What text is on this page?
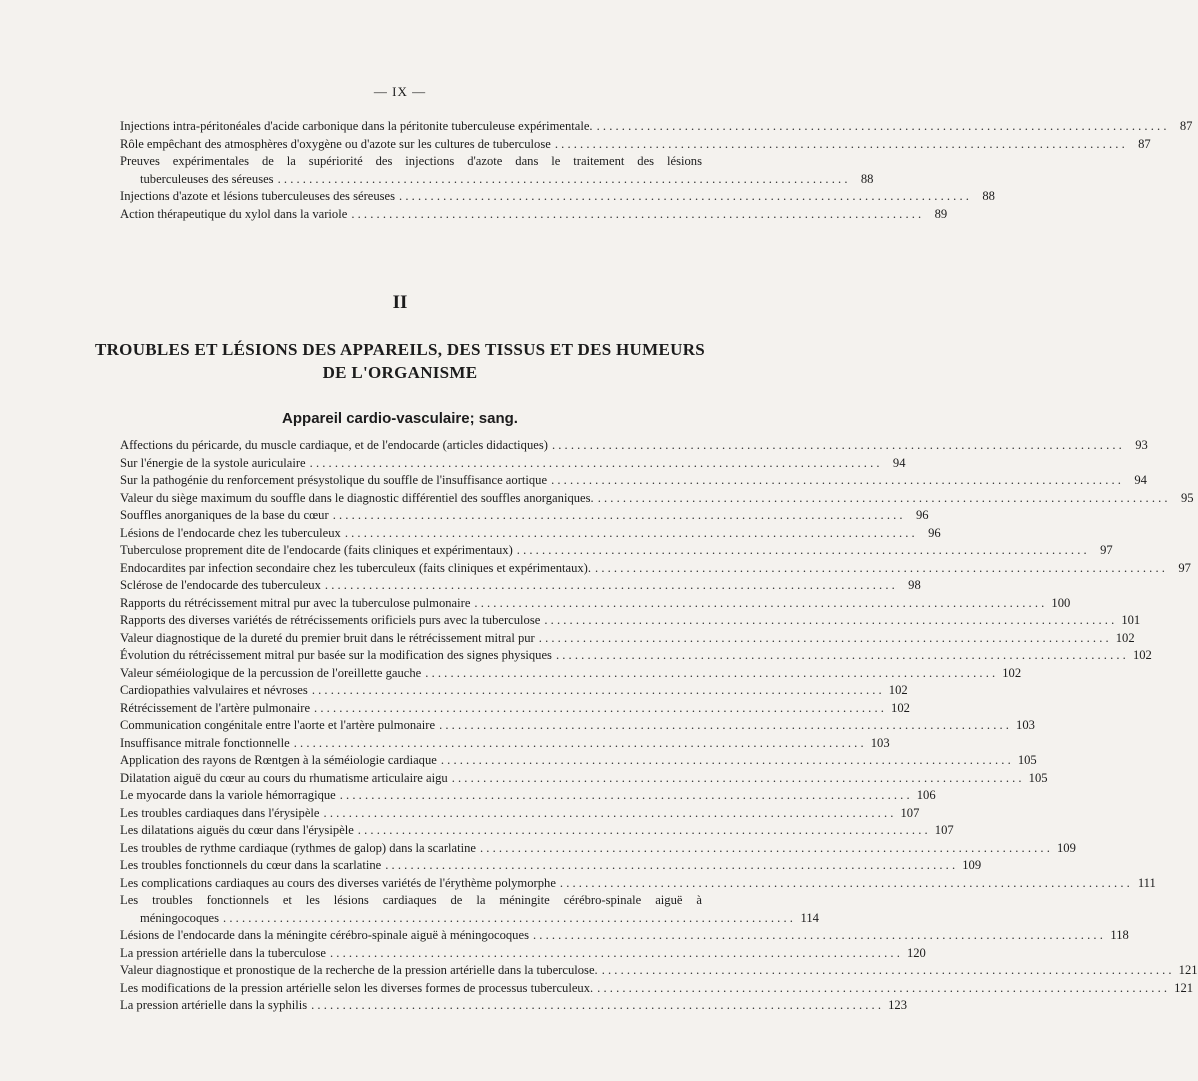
— IX —
Injections intra-péritonéales d'acide carbonique dans la péritonite tuberculeuse expérimentale. . . .	87
Rôle empêchant des atmosphères d'oxygène ou d'azote sur les cultures de tuberculose . . .	87
Preuves expérimentales de la supériorité des injections d'azote dans le traitement des lésions
tuberculeuses des séreuses . . .	88
Injections d'azote et lésions tuberculeuses des séreuses . . .	88
Action thérapeutique du xylol dans la variole . . .	89
II
TROUBLES ET LÉSIONS DES APPAREILS, DES TISSUS ET DES HUMEURS
DE L'ORGANISME
Appareil cardio-vasculaire; sang.
Affections du péricarde, du muscle cardiaque, et de l'endocarde (articles didactiques) . . .	93
Sur l'énergie de la systole auriculaire . . .	94
Sur la pathogénie du renforcement présystolique du souffle de l'insuffisance aortique . . .	94
Valeur du siège maximum du souffle dans le diagnostic différentiel des souffles anorganiques. . . .	95
Souffles anorganiques de la base du cœur . . .	96
Lésions de l'endocarde chez les tuberculeux . . .	96
Tuberculose proprement dite de l'endocarde (faits cliniques et expérimentaux) . . .	97
Endocardites par infection secondaire chez les tuberculeux (faits cliniques et expérimentaux). . . .	97
Sclérose de l'endocarde des tuberculeux . . .	98
Rapports du rétrécissement mitral pur avec la tuberculose pulmonaire . . .	100
Rapports des diverses variétés de rétrécissements orificiels purs avec la tuberculose . . .	101
Valeur diagnostique de la dureté du premier bruit dans le rétrécissement mitral pur . . .	102
Évolution du rétrécissement mitral pur basée sur la modification des signes physiques . . .	102
Valeur séméiologique de la percussion de l'oreillette gauche . . .	102
Cardiopathies valvulaires et névroses . . .	102
Rétrécissement de l'artère pulmonaire . . .	102
Communication congénitale entre l'aorte et l'artère pulmonaire . . .	103
Insuffisance mitrale fonctionnelle . . .	103
Application des rayons de Rœntgen à la séméiologie cardiaque . . .	105
Dilatation aiguë du cœur au cours du rhumatisme articulaire aigu . . .	105
Le myocarde dans la variole hémorragique . . .	106
Les troubles cardiaques dans l'érysipèle . . .	107
Les dilatations aiguës du cœur dans l'érysipèle . . .	107
Les troubles de rythme cardiaque (rythmes de galop) dans la scarlatine . . .	109
Les troubles fonctionnels du cœur dans la scarlatine . . .	109
Les complications cardiaques au cours des diverses variétés de l'érythème polymorphe . . .	111
Les troubles fonctionnels et les lésions cardiaques de la méningite cérébro-spinale aiguë à
méningocoques . . .	114
Lésions de l'endocarde dans la méningite cérébro-spinale aiguë à méningocoques . . .	118
La pression artérielle dans la tuberculose . . .	120
Valeur diagnostique et pronostique de la recherche de la pression artérielle dans la tuberculose. . . .	121
Les modifications de la pression artérielle selon les diverses formes de processus tuberculeux. . . .	121
La pression artérielle dans la syphilis . . .	123
